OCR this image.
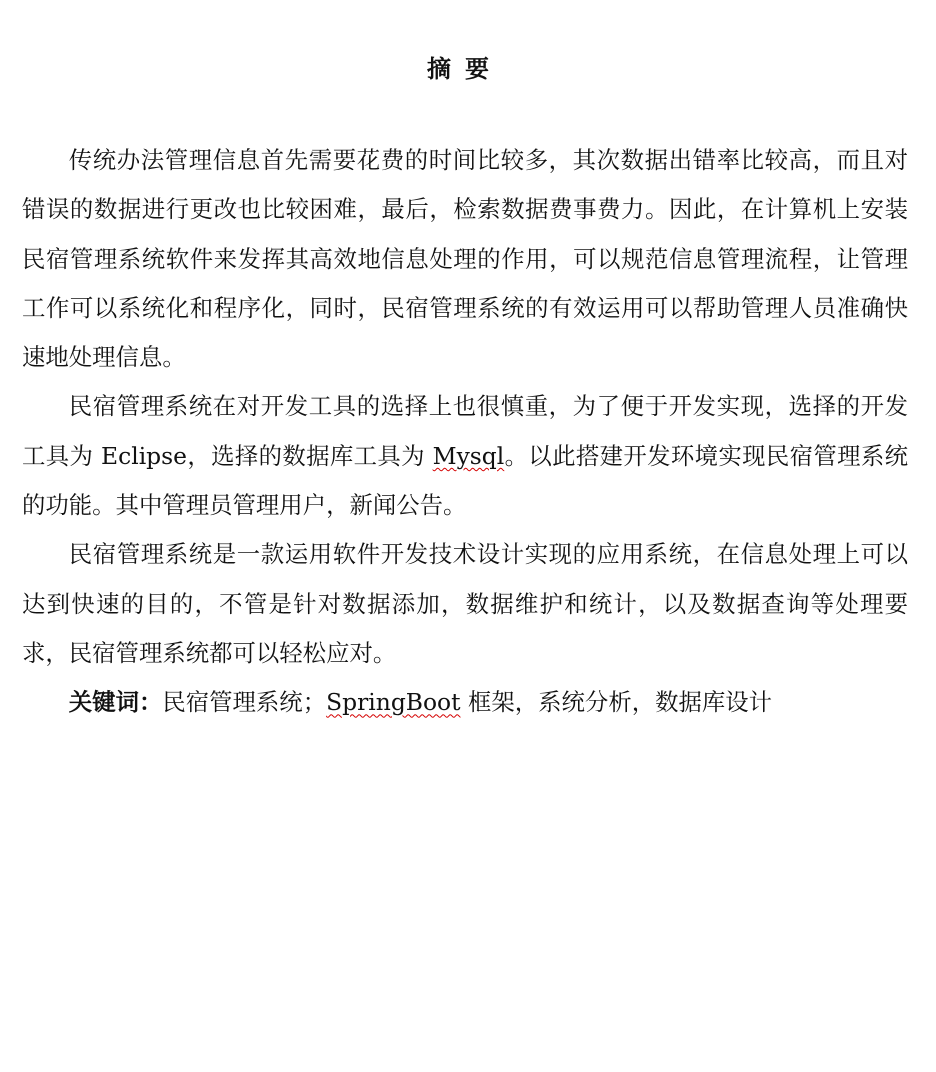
摘要

传统办法管理信息首先需要花费的时间比较多，其次数据出错率比较高，而且对错误的数据进行更改也比较困难，最后，检索数据费事费力。因此，在计算机上安装民宿管理系统软件来发挥其高效地信息处理的作用，可以规范信息管理流程，让管理工作可以系统化和程序化，同时，民宿管理系统的有效运用可以帮助管理人员准确快速地处理信息。

民宿管理系统在对开发工具的选择上也很慎重，为了便于开发实现，选择的开发工具为 Eclipse，选择的数据库工具为 Mysql。以此搭建开发环境实现民宿管理系统的功能。其中管理员管理用户，新闻公告。

民宿管理系统是一款运用软件开发技术设计实现的应用系统，在信息处理上可以达到快速的目的，不管是针对数据添加，数据维护和统计，以及数据查询等处理要求，民宿管理系统都可以轻松应对。

关键词：民宿管理系统；SpringBoot 框架，系统分析，数据库设计
